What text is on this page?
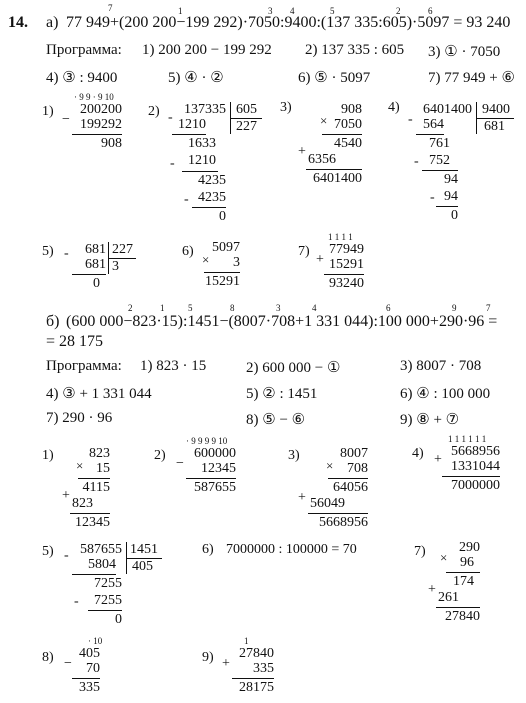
14. а) 77 949+(200 200−199 292)·7050:9400:(137 335:605)·5097 = 93 240
7	1	3 4	5	2	6
Программа: 1) 200 200 − 199 292 2) 137 335 : 605 3) ① · 7050
4) ③ : 9400	5) ④ · ②	6) ⑤ · 5097	7) 77 949 + ⑥
1)
· 9 9 · 9 10
−
200200
199292
908
2) -
137335 605
227
1210
1633
- 1210
4235
- 4235
0
3)
×
908
7050
4540
+
6356
6401400
4)
-
6401400 9400
681
564
761
- 752
94
- 94
0
5) -	681 227
3
681
0
6)
×
5097
3
15291
7)
1 1 1 1
+
77949
15291
93240
б) (600 000−823·15):1451−(8007·708+1 331 044):100 000+290·96 =
= 28 175
2	1	5	8	3	4	6	9	7
Программа: 1) 823 · 15	2) 600 000 − ①	3) 8007 · 708
4) ③ + 1 331 044	5) ② : 1451	6) ④ : 100 000
7) 290 · 96	8) ⑤ − ⑥	9) ⑧ + ⑦
1)
×
823
15
4115
+
823
12345
2)
· 9 9 9 9 10
−
600000
12345
587655
3)
×
8007
708
64056
+ 56049
5668956
4)
1 1 1 1 1 1
+
5668956
1331044
7000000
5) - 587655 1451
405
5804
7255
-	7255
0
6) 7000000 : 100000 = 70	7) ×
290
96
174
+
261
27840
8)
· 10
−
405
70
335
9)
1
+
27840
335
28175
